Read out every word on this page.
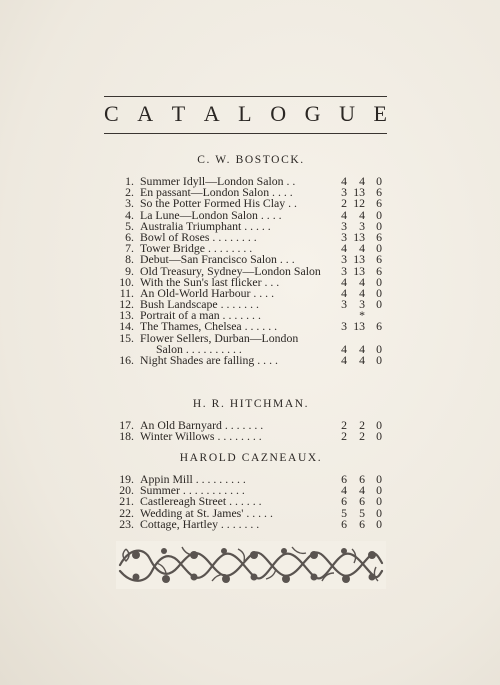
C A T A L O G U E
C. W. BOSTOCK.
1. Summer Idyll—London Salon . .	4	4 0
2. En passant—London Salon . . . .	3 13 6
3. So the Potter Formed His Clay . .	2 12 6
4. La Lune—London Salon . . . .	4	4 0
5. Australia Triumphant . . . . .	3	3 0
6. Bowl of Roses . . . . . . . .	3 13 6
7. Tower Bridge . . . . . . . .	4	4 0
8. Debut—San Francisco Salon . . .	3 13 6
9. Old Treasury, Sydney—London Salon	3 13 6
10. With the Sun's last flicker . . .	4	4 0
11. An Old-World Harbour . . . .	4	4 0
12. Bush Landscape . . . . . . .	3	3 0
13. Portrait of a man . . . . . . .	*
14. The Thames, Chelsea . . . . . .	3 13 6
15. Flower Sellers, Durban—London
Salon . . . . . . . . . .	4	4 0
16. Night Shades are falling . . . .	4	4 0
H. R. HITCHMAN.
17. An Old Barnyard . . . . . . .	2	2 0
18. Winter Willows . . . . . . . .	2	2 0
HAROLD CAZNEAUX.
19. Appin Mill . . . . . . . . .	6	6 0
20. Summer . . . . . . . . . . .	4	4 0
21. Castlereagh Street . . . . . .	6	6 0
22. Wedding at St. James' . . . . .	5	5 0
23. Cottage, Hartley . . . . . . .	6	6 0
